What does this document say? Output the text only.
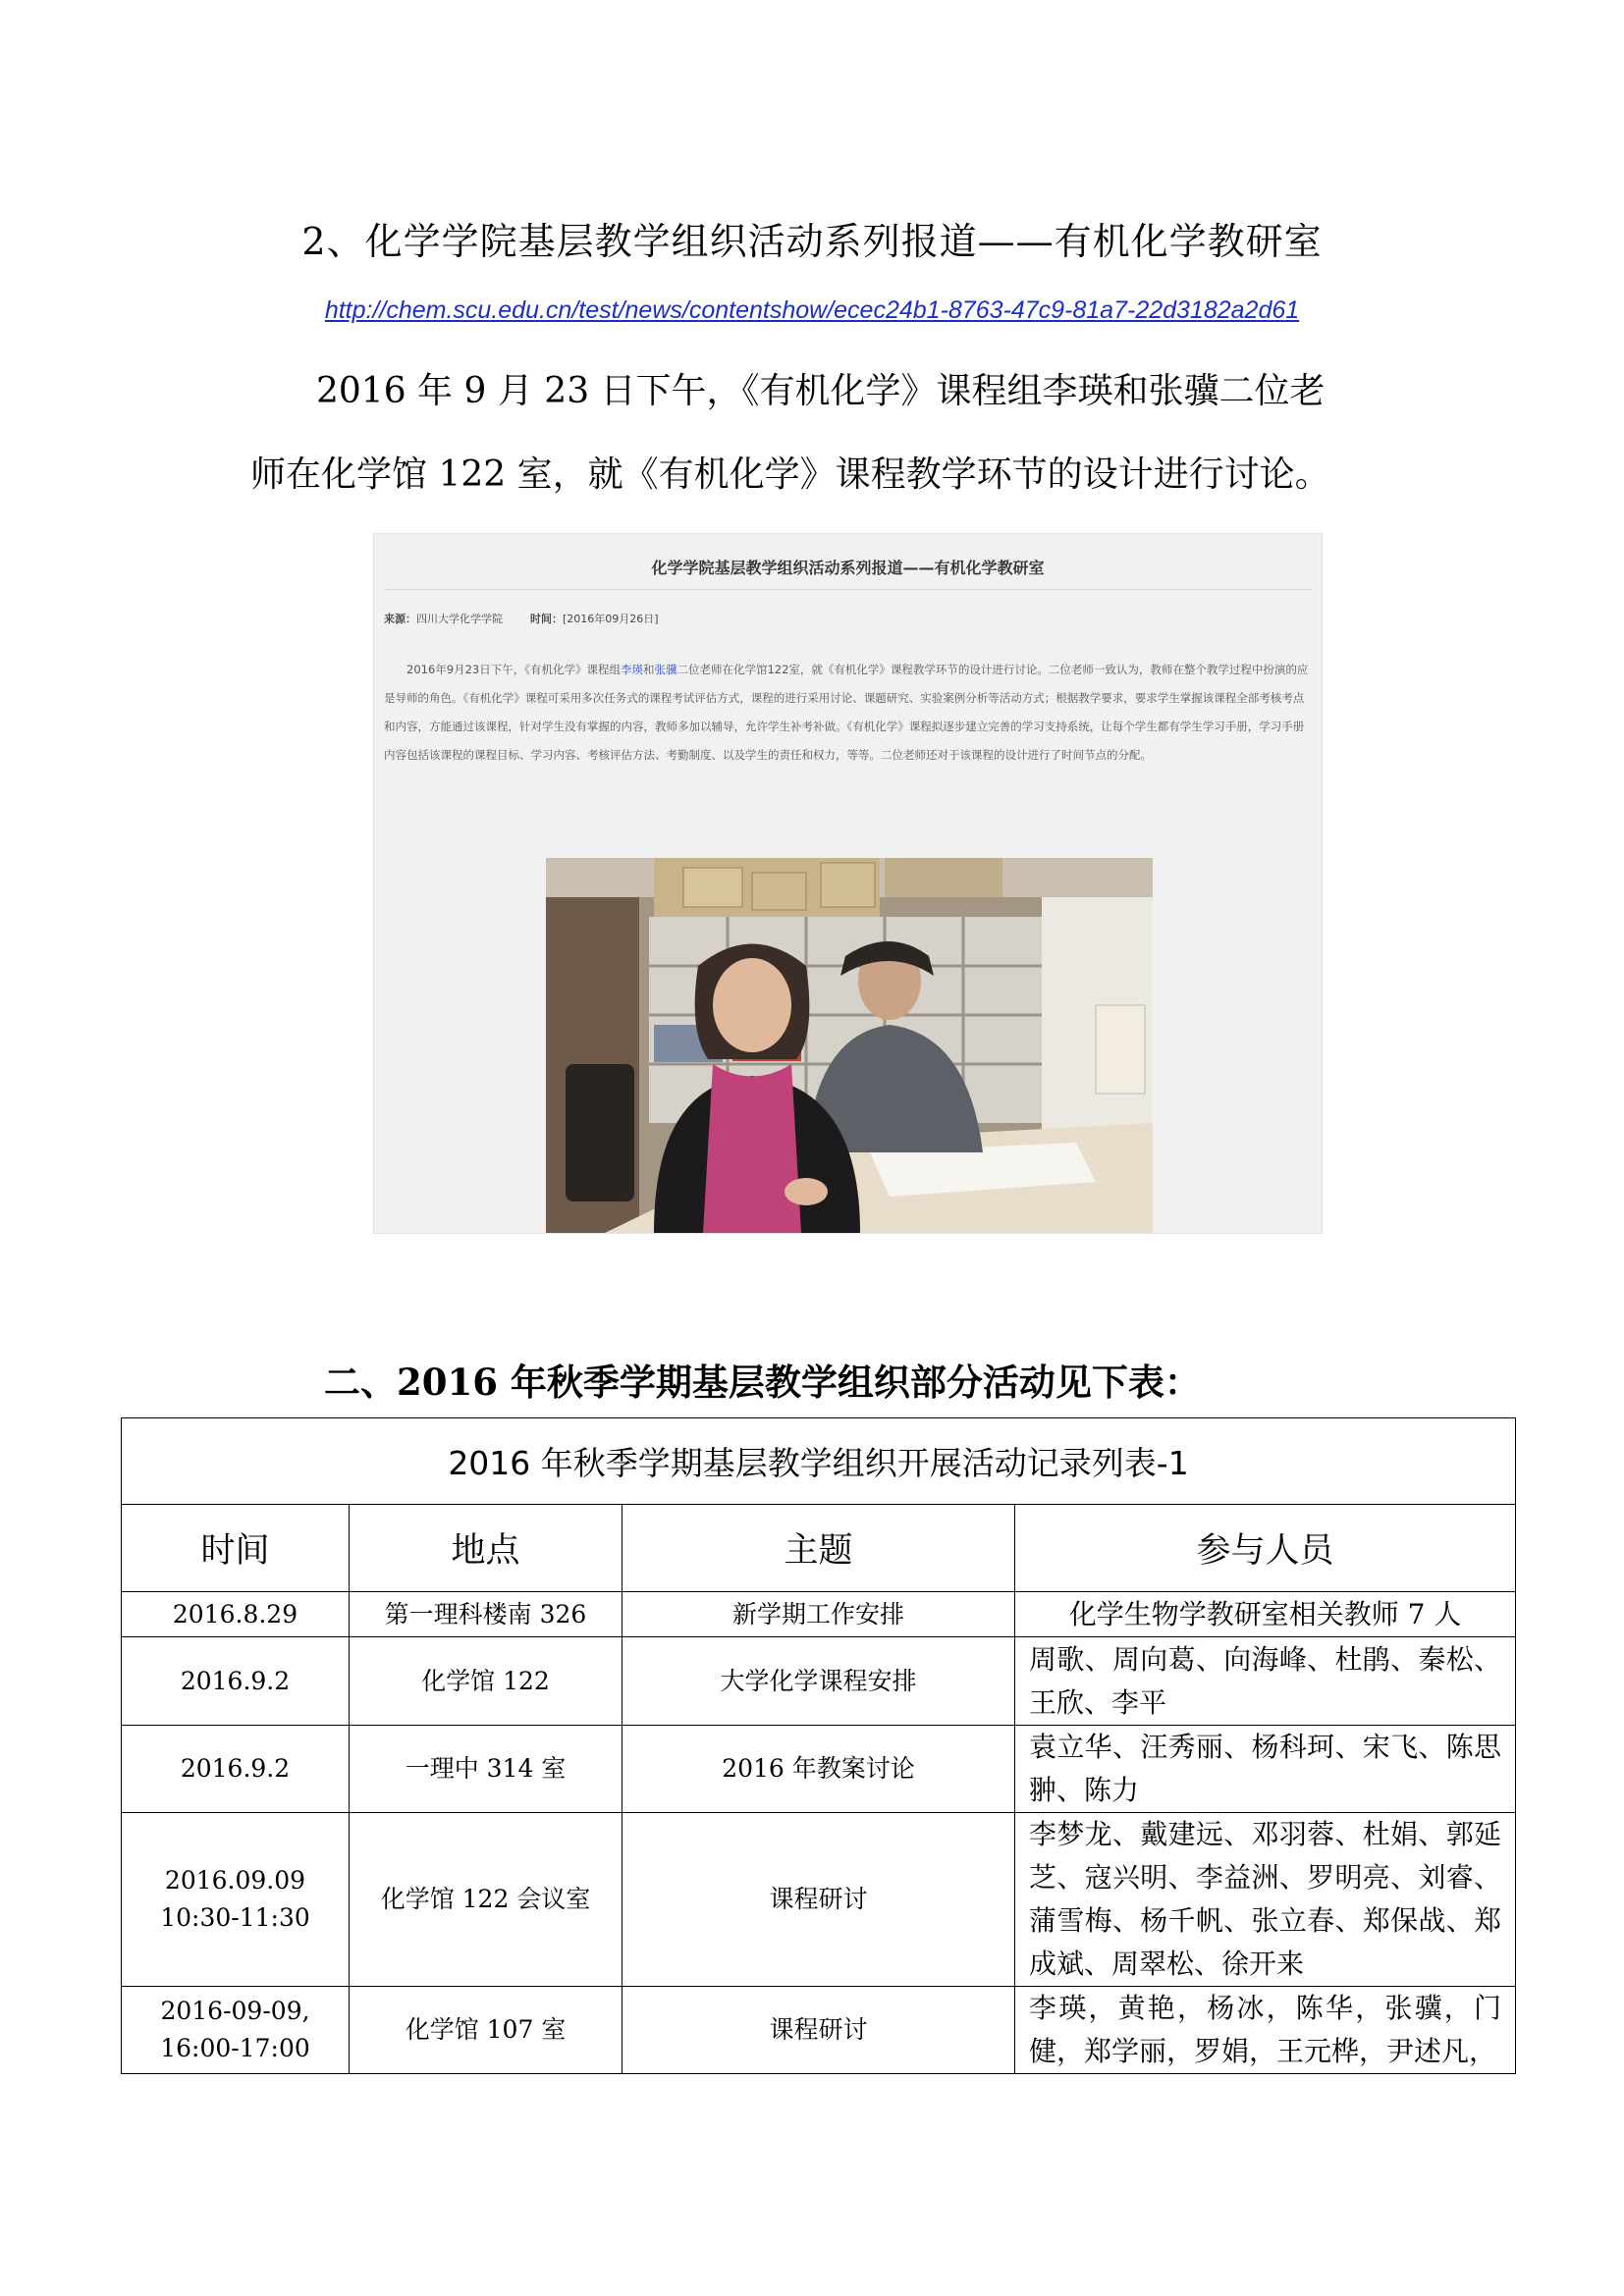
2、化学学院基层教学组织活动系列报道——有机化学教研室
http://chem.scu.edu.cn/test/news/contentshow/ecec24b1-8763-47c9-81a7-22d3182a2d61
2016 年 9 月 23 日下午，《有机化学》课程组李瑛和张骥二位老
师在化学馆 122 室，就《有机化学》课程教学环节的设计进行讨论。
化学学院基层教学组织活动系列报道——有机化学教研室
来源：四川大学化学学院	时间：[2016年09月26日]
2016年9月23日下午，《有机化学》课程组李瑛和张骥二位老师在化学馆122室，就《有机化学》课程教学环节的设计进行讨论。二位老师一致认为，教师在整个教学过程中扮演的应是导师的角色。《有机化学》课程可采用多次任务式的课程考试评估方式，课程的进行采用讨论、课题研究、实验案例分析等活动方式；根据教学要求，要求学生掌握该课程全部考核考点和内容，方能通过该课程，针对学生没有掌握的内容，教师多加以辅导，允许学生补考补做。《有机化学》课程拟逐步建立完善的学习支持系统，让每个学生都有学生学习手册，学习手册内容包括该课程的课程目标、学习内容、考核评估方法、考勤制度、以及学生的责任和权力，等等。二位老师还对于该课程的设计进行了时间节点的分配。
二、2016 年秋季学期基层教学组织部分活动见下表：
2016 年秋季学期基层教学组织开展活动记录列表-1			
时间	地点	主题	参与人员
2016.8.29	第一理科楼南 326	新学期工作安排	化学生物学教研室相关教师 7 人
2016.9.2	化学馆 122	大学化学课程安排	周歌、周向葛、向海峰、杜鹃、秦松、王欣、李平
2016.9.2	一理中 314 室	2016 年教案讨论	袁立华、汪秀丽、杨科珂、宋飞、陈思翀、陈力
2016.09.09
10:30-11:30	化学馆 122 会议室	课程研讨	李梦龙、戴建远、邓羽蓉、杜娟、郭延芝、寇兴明、李益洲、罗明亮、刘睿、蒲雪梅、杨千帆、张立春、郑保战、郑成斌、周翠松、徐开来
2016-09-09,
16:00-17:00	化学馆 107 室	课程研讨	李瑛，黄艳，杨冰，陈华，张骥，门健，郑学丽，罗娟，王元桦，尹述凡，
